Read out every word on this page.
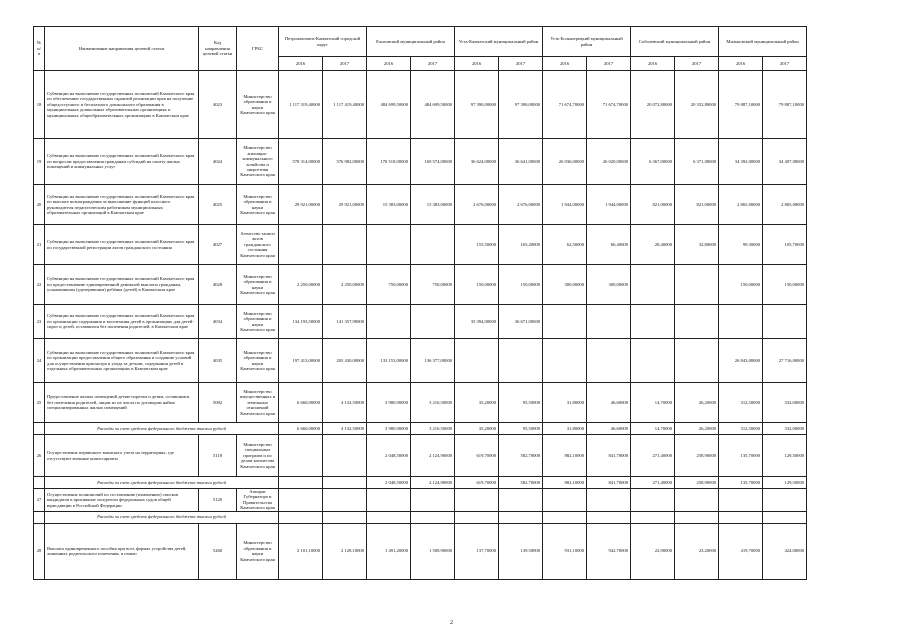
№ п/п	Наименование направления целевой статьи	Код направления целевой статьи	ГРБС	Петропавловск-Камчатский городской округ		Елизовский муниципальный район		Усть-Камчатский муниципальный район		Усть-Большерецкий муниципальный район		Соболевский муниципальный район		Мильковский муниципальный район	
				2016	2017	2016	2017	2016	2017	2016	2017	2016	2017	2016	2017
18	Субвенции на выполнение государственных полномочий Камчатского края по обеспечению государственных гарантий реализации прав на получение общедоступного и бесплатного дошкольного образования в муниципальных дошкольных образовательных организациях и муниципальных общеобразовательных организациях в Камчатском крае	4023	Министерство образования и науки Камчатского края	1 117 319,40000	1 117 419,40000	484 699,50000	484 699,50000	97 390,00000	97 390,00000	71 674,70000	71 674,70000	20 072,80000	20 352,80000	79 887,10000	79 887,10000
19	Субвенции на выполнение государственных полномочий Камчатского края по вопросам предоставления гражданам субсидий на оплату жилых помещений и коммунальных услуг	4024	Министерство жилищно-коммунального хозяйства и энергетики Камчатского края	578 314,00000	576 982,00000	170 518,00000	169 574,00000	36 624,00000	36 641,00000	26 036,00000	26 020,00000	6 367,00000	6 371,00000	34 392,00000	34 407,00000
20	Субвенции на выполнение государственных полномочий Камчатского края по выплате вознаграждения за выполнение функций классного руководителя педагогическим работникам муниципальных образовательных организаций в Камчатском крае	4025	Министерство образования и науки Камчатского края	29 921,00000	29 921,00000	15 383,00000	15 383,00000	2 676,00000	2 676,00000	1 944,00000	1 944,00000	821,00000	821,00000	2 865,00000	2 865,00000
21	Субвенции на выполнение государственных полномочий Камчатского края по государственной регистрации актов гражданского состояния	4027	Агентство записи актов гражданского состояния Камчатского края					155,50000	165,20000	62,50000	66,40000	28,40000	32,80000	99,30000	105,70000
22	Субвенции на выполнение государственных полномочий Камчатского края по предоставлению единовременной денежной выплаты гражданам, усыновившим (удочерившим) ребёнка (детей) в Камчатском крае	4028	Министерство образования и науки Камчатского края	2 250,00000	2 250,00000	750,00000	750,00000	150,00000	150,00000	300,00000	300,00000			150,00000	150,00000
23	Субвенции на выполнение государственных полномочий Камчатского края по организации содержания и воспитания детей в организациях для детей-сирот и детей, оставшихся без попечения родителей, в Камчатском крае	4034	Министерство образования и науки Камчатского края	134 193,50000	141 357,90000			35 394,00000	36 671,00000						
24	Субвенции на выполнение государственных полномочий Камчатского края по организации предоставления общего образования и созданию условий для осуществления присмотра и ухода за детьми, содержания детей в отдельных образовательных организациях в Камчатском крае	4035	Министерство образования и науки Камчатского края	197 413,00000	203 430,00000	133 153,00000	136 377,00000							26 843,00000	27 716,00000
25	Предоставление жилых помещений детям-сиротам и детям, оставшимся без попечения родителей, лицам из их числа по договорам найма специализированных жилых помещений	5082	Министерство имущественных и земельных отношений Камчатского края	6 660,00000	4 132,50000	3 980,90000	3 216,50000	35,20000	95,50000	31,80000	46,60000	14,70000	26,20000	312,50000	332,00000
	Расходы за счет средств федерального бюджета тысячи рублей			6 660,00000	4 132,50000	3 980,90000	3 216,50000	35,20000	95,50000	31,80000	46,60000	14,70000	26,20000	312,50000	332,00000
26	Осуществление первичного воинского учета на территориях, где отсутствуют военные комиссариаты	5118	Министерство специальных программ и по делам казачества Камчатского края			2 048,50000	2 124,90000	619,70000	582,70000	882,10000	841,70000	271,40000	258,90000	135,70000	129,50000
	Расходы за счет средств федерального бюджета тысячи рублей					2 048,50000	2 124,90000	619,70000	582,70000	882,10000	841,70000	271,40000	258,90000	135,70000	129,50000
27	Осуществление полномочий по составлению (изменению) списков кандидатов в присяжные заседатели федеральных судов общей юрисдикции в Российской Федерации	5120	Аппарат Губернатора и Правительства Камчатского края												
	Расходы за счет средств федерального бюджета тысячи рублей														
28	Выплата единовременного пособия при всех формах устройства детей, лишенных родительского попечения, в семью	5260	Министерство образования и науки Камчатского края	2 101,10000	2 128,10000	1 491,20000	1 508,90000	137,70000	139,50000	931,10000	942,70000	22,90000	23,20000	419,70000	424,00000
2
